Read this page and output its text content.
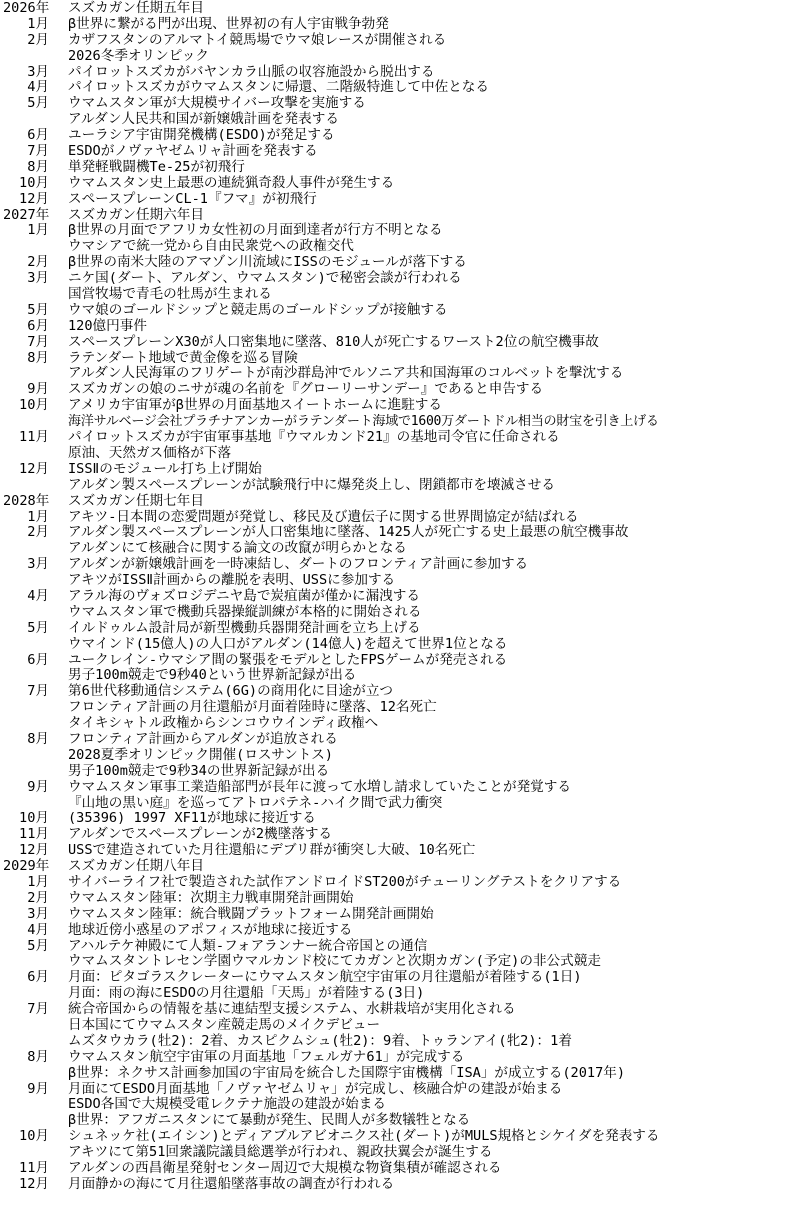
2026年 スズカガン任期五年目
1月 β世界に繋がる門が出現、世界初の有人宇宙戦争勃発
2月 カザフスタンのアルマトイ競馬場でウマ娘レースが開催される
2026冬季オリンピック
3月 パイロットスズカがバヤンカラ山脈の収容施設から脱出する
4月 パイロットスズカがウマムスタンに帰還、二階級特進して中佐となる
5月 ウマムスタン軍が大規模サイバー攻撃を実施する
アルダン人民共和国が新嬢娥計画を発表する
6月 ユーラシア宇宙開発機構(ESDO)が発足する
7月 ESDOがノヴァヤゼムリャ計画を発表する
8月 単発軽戦闘機Te-25が初飛行
10月 ウマムスタン史上最悪の連続猟奇殺人事件が発生する
12月 スペースプレーンCL-1『フマ』が初飛行
2027年 スズカガン任期六年目
1月 β世界の月面でアフリカ女性初の月面到達者が行方不明となる
ウマシアで統一党から自由民衆党への政権交代
2月 β世界の南米大陸のアマゾン川流域にISSのモジュールが落下する
3月 ニケ国(ダート、アルダン、ウマムスタン)で秘密会談が行われる
国営牧場で青毛の牡馬が生まれる
5月 ウマ娘のゴールドシップと競走馬のゴールドシップが接触する
6月 120億円事件
7月 スペースプレーンX30が人口密集地に墜落、810人が死亡するワースト2位の航空機事故
8月 ラテンダート地域で黄金像を巡る冒険
アルダン人民海軍のフリゲートが南沙群島沖でルソニア共和国海軍のコルベットを撃沈する
9月 スズカガンの娘のニサが魂の名前を『グローリーサンデー』であると申告する
10月 アメリカ宇宙軍がβ世界の月面基地スイートホームに進駐する
海洋サルベージ会社プラチナアンカーがラテンダート海域で1600万ダートドル相当の財宝を引き上げる
11月 パイロットスズカが宇宙軍事基地『ウマルカンド21』の基地司令官に任命される
原油、天然ガス価格が下落
12月 ISSⅡのモジュール打ち上げ開始
アルダン製スペースプレーンが試験飛行中に爆発炎上し、閉鎖都市を壊滅させる
2028年 スズカガン任期七年目
1月 アキツ-日本間の恋愛問題が発覚し、移民及び遺伝子に関する世界間協定が結ばれる
2月 アルダン製スペースプレーンが人口密集地に墜落、1425人が死亡する史上最悪の航空機事故
アルダンにて核融合に関する論文の改竄が明らかとなる
3月 アルダンが新嬢娥計画を一時凍結し、ダートのフロンティア計画に参加する
アキツがISSⅡ計画からの離脱を表明、USSに参加する
4月 アラル海のヴォズロジデニヤ島で炭疽菌が僅かに漏洩する
ウマムスタン軍で機動兵器操縦訓練が本格的に開始される
5月 イルドゥルム設計局が新型機動兵器開発計画を立ち上げる
ウマインド(15億人)の人口がアルダン(14億人)を超えて世界1位となる
6月 ユークレイン-ウマシア間の緊張をモデルとしたFPSゲームが発売される
男子100m競走で9秒40という世界新記録が出る
7月 第6世代移動通信システム(6G)の商用化に目途が立つ
フロンティア計画の月往還船が月面着陸時に墜落、12名死亡
タイキシャトル政権からシンコウウインディ政権へ
8月 フロンティア計画からアルダンが追放される
2028夏季オリンピック開催(ロスサントス)
男子100m競走で9秒34の世界新記録が出る
9月 ウマムスタン軍事工業造船部門が長年に渡って水増し請求していたことが発覚する
『山地の黒い庭』を巡ってアトロパテネ-ハイク間で武力衝突
10月 (35396) 1997 XF11が地球に接近する
11月 アルダンでスペースプレーンが2機墜落する
12月 USSで建造されていた月往還船にデブリ群が衝突し大破、10名死亡
2029年 スズカガン任期八年目
1月 サイバーライフ社で製造された試作アンドロイドST200がチューリングテストをクリアする
2月 ウマムスタン陸軍：次期主力戦車開発計画開始
3月 ウマムスタン陸軍：統合戦闘プラットフォーム開発計画開始
4月 地球近傍小惑星のアポフィスが地球に接近する
5月 アハルテケ神殿にて人類-フォアランナー統合帝国との通信
ウマムスタントレセン学園ウマルカンド校にてカガンと次期カガン(予定)の非公式競走
6月 月面：ピタゴラスクレーターにウマムスタン航空宇宙軍の月往還船が着陸する(1日)
月面：雨の海にESDOの月往還船「天馬」が着陸する(3日)
7月 統合帝国からの情報を基に連結型支援システム、水耕栽培が実用化される
日本国にてウマムスタン産競走馬のメイクデビュー
ムズタウカラ(牡2)：2着、カスピクムシュ(牡2)：9着、トゥランアイ(牝2)：1着
8月 ウマムスタン航空宇宙軍の月面基地「フェルガナ61」が完成する
β世界：ネクサス計画参加国の宇宙局を統合した国際宇宙機構「ISA」が成立する(2017年)
9月 月面にてESDO月面基地「ノヴァヤゼムリャ」が完成し、核融合炉の建設が始まる
ESDO各国で大規模受電レクテナ施設の建設が始まる
β世界：アフガニスタンにて暴動が発生、民間人が多数犠牲となる
10月 シュネッケ社(エイシン)とディアブルアビオニクス社(ダート)がMULS規格とシケイダを発表する
アキツにて第51回衆議院議員総選挙が行われ、親政扶翼会が誕生する
11月 アルダンの西昌衛星発射センター周辺で大規模な物資集積が確認される
12月 月面静かの海にて月往還船墜落事故の調査が行われる
